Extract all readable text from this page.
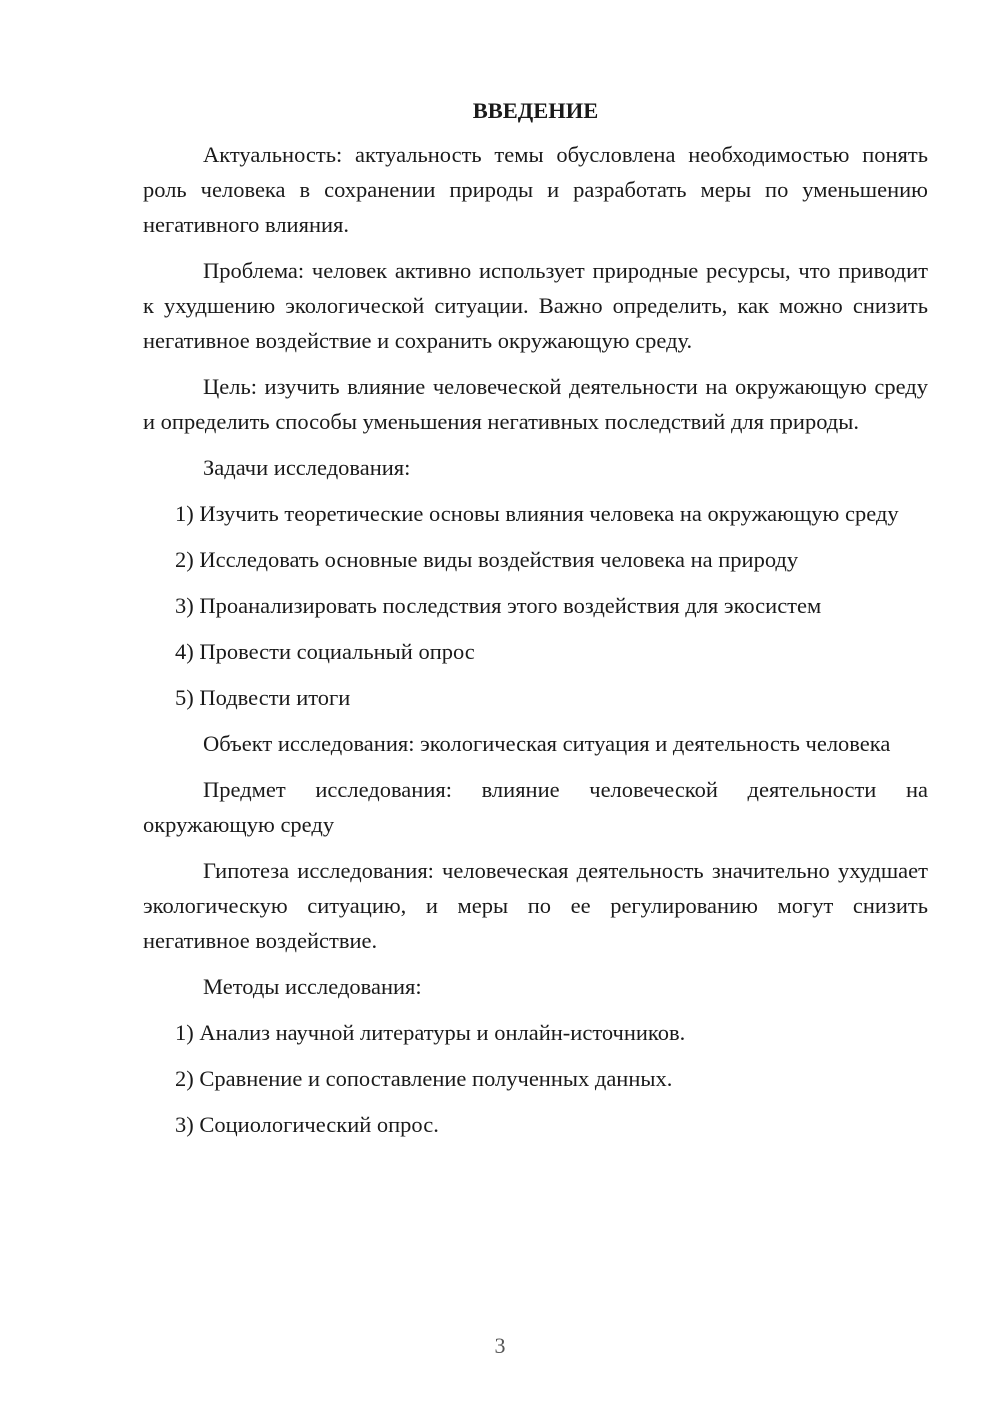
ВВЕДЕНИЕ

Актуальность: актуальность темы обусловлена необходимостью понять роль человека в сохранении природы и разработать меры по уменьшению негативного влияния.

Проблема: человек активно использует природные ресурсы, что приводит к ухудшению экологической ситуации. Важно определить, как можно снизить негативное воздействие и сохранить окружающую среду.

Цель: изучить влияние человеческой деятельности на окружающую среду и определить способы уменьшения негативных последствий для природы.

Задачи исследования:

1) Изучить теоретические основы влияния человека на окружающую среду

2) Исследовать основные виды воздействия человека на природу

3) Проанализировать последствия этого воздействия для экосистем

4) Провести социальный опрос

5) Подвести итоги

Объект исследования: экологическая ситуация и деятельность человека

Предмет исследования: влияние человеческой деятельности на окружающую среду

Гипотеза исследования: человеческая деятельность значительно ухудшает экологическую ситуацию, и меры по ее регулированию могут снизить негативное воздействие.

Методы исследования:

1) Анализ научной литературы и онлайн-источников.

2) Сравнение и сопоставление полученных данных.

3) Социологический опрос.

3
